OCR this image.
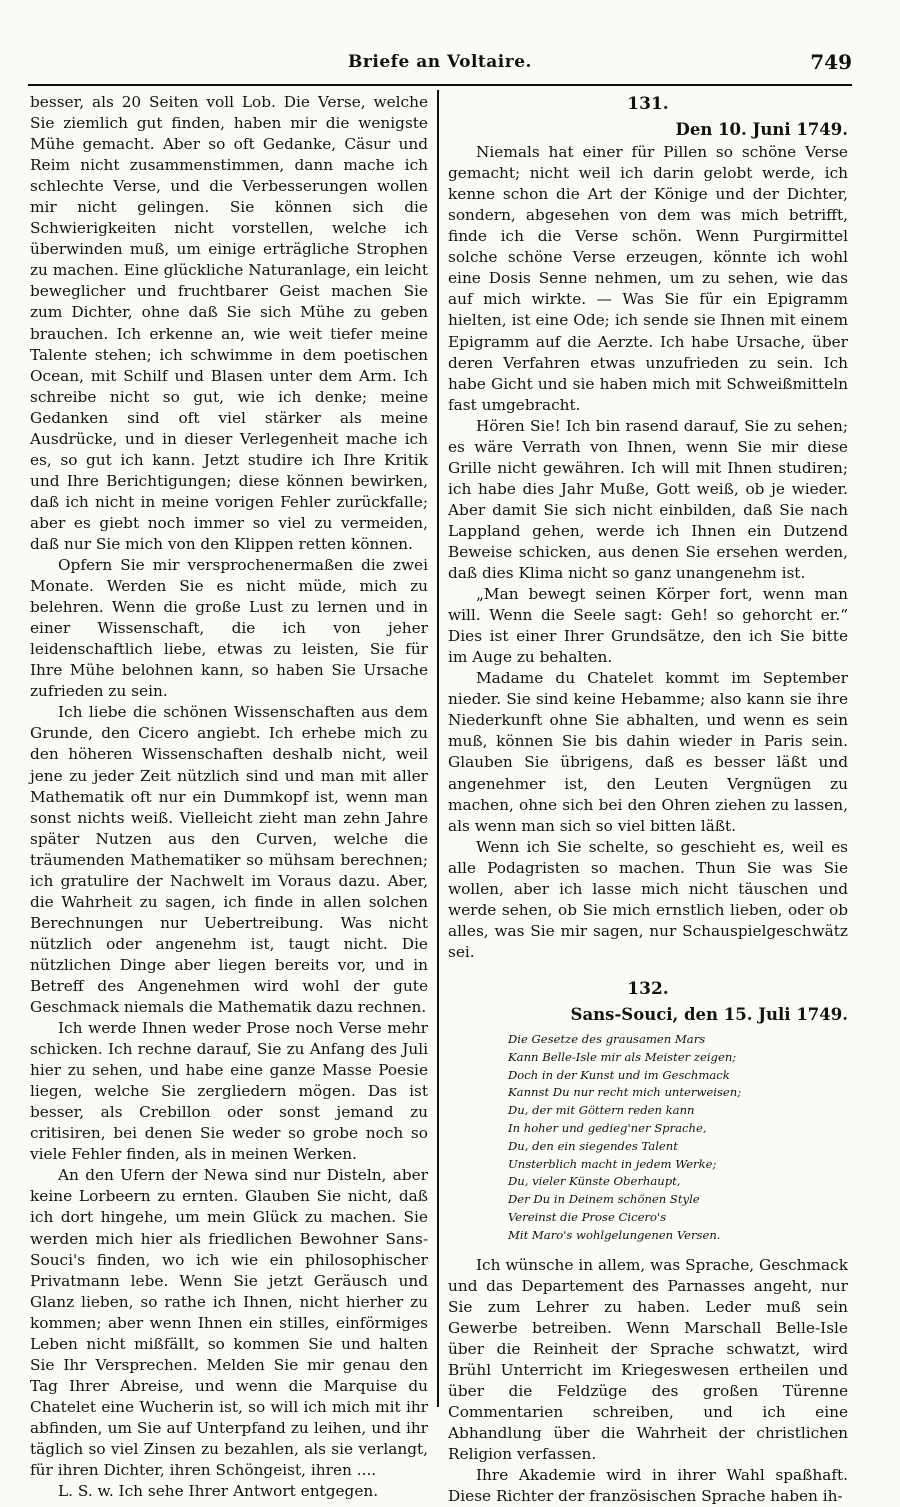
Briefe an Voltaire.	749

besser, als 20 Seiten voll Lob. Die Verse, welche Sie ziemlich gut finden, haben mir die wenigste Mühe gemacht. Aber so oft Gedanke, Cäsur und Reim nicht zusammenstimmen, dann mache ich schlechte Verse, und die Verbesserungen wollen mir nicht gelingen. Sie können sich die Schwierigkeiten nicht vorstellen, welche ich überwinden muß, um einige erträgliche Strophen zu machen. Eine glückliche Naturanlage, ein leicht beweglicher und fruchtbarer Geist machen Sie zum Dichter, ohne daß Sie sich Mühe zu geben brauchen. Ich erkenne an, wie weit tiefer meine Talente stehen; ich schwimme in dem poetischen Ocean, mit Schilf und Blasen unter dem Arm. Ich schreibe nicht so gut, wie ich denke; meine Gedanken sind oft viel stärker als meine Ausdrücke, und in dieser Verlegenheit mache ich es, so gut ich kann. Jetzt studire ich Ihre Kritik und Ihre Berichtigungen; diese können bewirken, daß ich nicht in meine vorigen Fehler zurückfalle; aber es giebt noch immer so viel zu vermeiden, daß nur Sie mich von den Klippen retten können.

Opfern Sie mir versprochenermaßen die zwei Monate. Werden Sie es nicht müde, mich zu belehren. Wenn die große Lust zu lernen und in einer Wissenschaft, die ich von jeher leidenschaftlich liebe, etwas zu leisten, Sie für Ihre Mühe belohnen kann, so haben Sie Ursache zufrieden zu sein.

Ich liebe die schönen Wissenschaften aus dem Grunde, den Cicero angiebt. Ich erhebe mich zu den höheren Wissenschaften deshalb nicht, weil jene zu jeder Zeit nützlich sind und man mit aller Mathematik oft nur ein Dummkopf ist, wenn man sonst nichts weiß. Vielleicht zieht man zehn Jahre später Nutzen aus den Curven, welche die träumenden Mathematiker so mühsam berechnen; ich gratulire der Nachwelt im Voraus dazu. Aber, die Wahrheit zu sagen, ich finde in allen solchen Berechnungen nur Uebertreibung. Was nicht nützlich oder angenehm ist, taugt nicht. Die nützlichen Dinge aber liegen bereits vor, und in Betreff des Angenehmen wird wohl der gute Geschmack niemals die Mathematik dazu rechnen.

Ich werde Ihnen weder Prose noch Verse mehr schicken. Ich rechne darauf, Sie zu Anfang des Juli hier zu sehen, und habe eine ganze Masse Poesie liegen, welche Sie zergliedern mögen. Das ist besser, als Crebillon oder sonst jemand zu critisiren, bei denen Sie weder so grobe noch so viele Fehler finden, als in meinen Werken.

An den Ufern der Newa sind nur Disteln, aber keine Lorbeern zu ernten. Glauben Sie nicht, daß ich dort hingehe, um mein Glück zu machen. Sie werden mich hier als friedlichen Bewohner Sans-Souci's finden, wo ich wie ein philosophischer Privatmann lebe. Wenn Sie jetzt Geräusch und Glanz lieben, so rathe ich Ihnen, nicht hierher zu kommen; aber wenn Ihnen ein stilles, einförmiges Leben nicht mißfällt, so kommen Sie und halten Sie Ihr Versprechen. Melden Sie mir genau den Tag Ihrer Abreise, und wenn die Marquise du Chatelet eine Wucherin ist, so will ich mich mit ihr abfinden, um Sie auf Unterpfand zu leihen, und ihr täglich so viel Zinsen zu bezahlen, als sie verlangt, für ihren Dichter, ihren Schöngeist, ihren ....

L. S. w. Ich sehe Ihrer Antwort entgegen.

131.
Den 10. Juni 1749.

Niemals hat einer für Pillen so schöne Verse gemacht; nicht weil ich darin gelobt werde, ich kenne schon die Art der Könige und der Dichter, sondern, abgesehen von dem was mich betrifft, finde ich die Verse schön. Wenn Purgirmittel solche schöne Verse erzeugen, könnte ich wohl eine Dosis Senne nehmen, um zu sehen, wie das auf mich wirkte. — Was Sie für ein Epigramm hielten, ist eine Ode; ich sende sie Ihnen mit einem Epigramm auf die Aerzte. Ich habe Ursache, über deren Verfahren etwas unzufrieden zu sein. Ich habe Gicht und sie haben mich mit Schweißmitteln fast umgebracht.

Hören Sie! Ich bin rasend darauf, Sie zu sehen; es wäre Verrath von Ihnen, wenn Sie mir diese Grille nicht gewähren. Ich will mit Ihnen studiren; ich habe dies Jahr Muße, Gott weiß, ob je wieder. Aber damit Sie sich nicht einbilden, daß Sie nach Lappland gehen, werde ich Ihnen ein Dutzend Beweise schicken, aus denen Sie ersehen werden, daß dies Klima nicht so ganz unangenehm ist.

„Man bewegt seinen Körper fort, wenn man will. Wenn die Seele sagt: Geh! so gehorcht er.“ Dies ist einer Ihrer Grundsätze, den ich Sie bitte im Auge zu behalten.

Madame du Chatelet kommt im September nieder. Sie sind keine Hebamme; also kann sie ihre Niederkunft ohne Sie abhalten, und wenn es sein muß, können Sie bis dahin wieder in Paris sein. Glauben Sie übrigens, daß es besser läßt und angenehmer ist, den Leuten Vergnügen zu machen, ohne sich bei den Ohren ziehen zu lassen, als wenn man sich so viel bitten läßt.

Wenn ich Sie schelte, so geschieht es, weil es alle Podagristen so machen. Thun Sie was Sie wollen, aber ich lasse mich nicht täuschen und werde sehen, ob Sie mich ernstlich lieben, oder ob alles, was Sie mir sagen, nur Schauspielgeschwätz sei.

132.
Sans-Souci, den 15. Juli 1749.
Die Gesetze des grausamen Mars
Kann Belle-Isle mir als Meister zeigen;
Doch in der Kunst und im Geschmack
Kannst Du nur recht mich unterweisen;
Du, der mit Göttern reden kann
In hoher und gedieg'ner Sprache,
Du, den ein siegendes Talent
Unsterblich macht in jedem Werke;
Du, vieler Künste Oberhaupt,
Der Du in Deinem schönen Style
Vereinst die Prose Cicero's
Mit Maro's wohlgelungenen Versen.

Ich wünsche in allem, was Sprache, Geschmack und das Departement des Parnasses angeht, nur Sie zum Lehrer zu haben. Leder muß sein Gewerbe betreiben. Wenn Marschall Belle-Isle über die Reinheit der Sprache schwatzt, wird Brühl Unterricht im Kriegeswesen ertheilen und über die Feldzüge des großen Türenne Commentarien schreiben, und ich eine Abhandlung über die Wahrheit der christlichen Religion verfassen.

Ihre Akademie wird in ihrer Wahl spaßhaft. Diese Richter der französischen Sprache haben ih-
